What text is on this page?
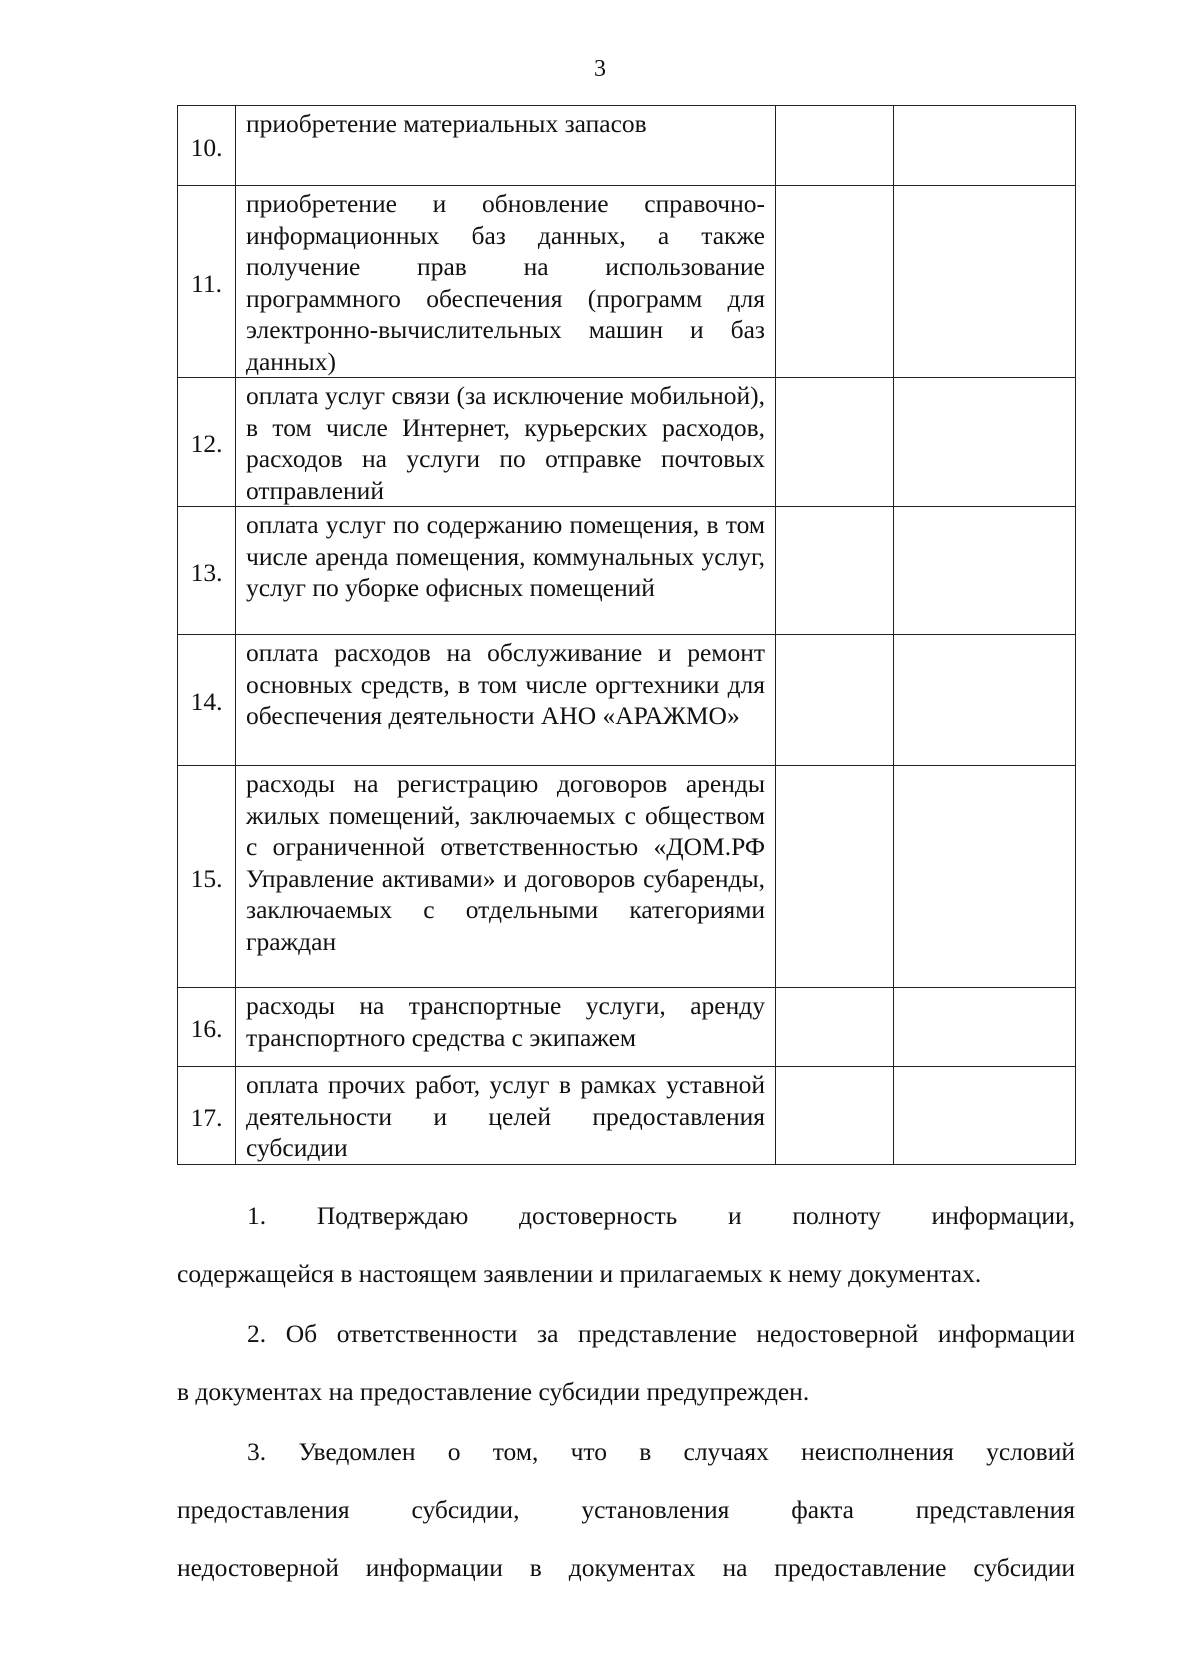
3
10.	приобретение материальных запасов		
11.	приобретение и обновление справочно-информационных баз данных, а также получение прав на использование программного обеспечения (программ для электронно-вычислительных машин и баз данных)		
12.	оплата услуг связи (за исключение мобильной), в том числе Интернет, курьерских расходов, расходов на услуги по отправке почтовых отправлений		
13.	оплата услуг по содержанию помещения, в том числе аренда помещения, коммунальных услуг, услуг по уборке офисных помещений		
14.	оплата расходов на обслуживание и ремонт основных средств, в том числе оргтехники для обеспечения деятельности АНО «АРАЖМО»		
15.	расходы на регистрацию договоров аренды жилых помещений, заключаемых с обществом с ограниченной ответственностью «ДОМ.РФ Управление активами» и договоров субаренды, заключаемых с отдельными категориями граждан		
16.	расходы на транспортные услуги, аренду транспортного средства с экипажем		
17.	оплата прочих работ, услуг в рамках уставной деятельности и целей предоставления субсидии		
1. Подтверждаю достоверность и полноту информации,
содержащейся в настоящем заявлении и прилагаемых к нему документах.
2. Об ответственности за представление недостоверной информации
в документах на предоставление субсидии предупрежден.
3. Уведомлен о том, что в случаях неисполнения условий
предоставления субсидии, установления факта представления
недостоверной информации в документах на предоставление субсидии
